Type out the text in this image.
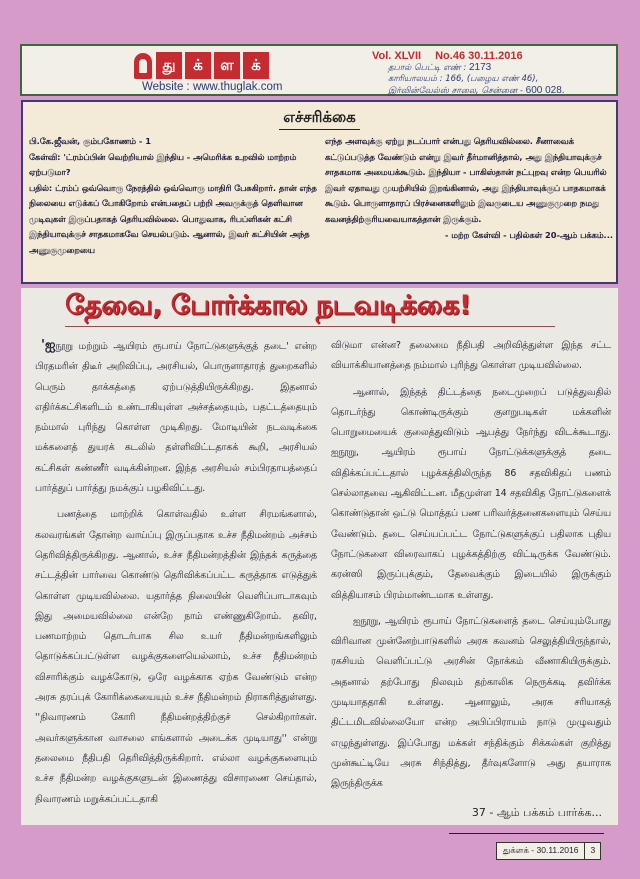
து	க்	ள	க்
Website : www.thuglak.com
Vol. XLVII No.46 30.11.2016
தபால் பெட்டி எண் : 2173
காரியாலயம் : 166, (பழைய எண் 46),
இர்வின்வேல்ஸ் சாலை, சென்னை - 600 028.
எச்சரிக்கை
பி.கே.ஜீவன், கும்பகோணம் - 1
கேள்வி: 'ட்ரம்ப்பின் வெற்றியால் இந்திய - அமெரிக்க உறவில் மாற்றம் ஏற்படுமா?
பதில்: ட்ரம்ப் ஒவ்வொரு நேரத்தில் ஒவ்வொரு மாதிரி பேசுகிறார். தான் எந்த நிலையை எடுக்கப் போகிறோம் என்பதைப் பற்றி அவருக்குத் தெளிவான முடிவுகள் இருப்பதாகத் தெரியவில்லை. பொதுவாக, ரிபப்ளிகன் கட்சி இந்தியாவுக்குச் சாதகமாகவே செயல்படும். ஆனால், இவர் கட்சியின் அந்த அணுகுமுறையை
எந்த அளவுக்கு ஏற்று நடப்பார் என்பது தெரியவில்லை. சீனாவைக் கட்டுப்படுத்த வேண்டும் என்று இவர் தீர்மானித்தால், அது இந்தியாவுக்குச் சாதகமாக அமையக்கூடும். இந்தியா - பாகிஸ்தான் நட்புறவு என்ற பெயரில் இவர் ஏதாவது முயற்சியில் இறங்கினால், அது இந்தியாவுக்குப் பாதகமாகக் கூடும். பொருளாதாரப் பிரச்னைகளிலும் இவருடைய அணுகுமுறை நமது கவனத்திற்குரியவையாகத்தான் இருக்கும்.
- மற்ற கேள்வி - பதில்கள் 20-ஆம் பக்கம்...
தேவை, போர்க்கால நடவடிக்கை!

'ஐநூறு மற்றும் ஆயிரம் ரூபாய் நோட்டுகளுக்குத் தடை' என்ற பிரதமரின் திடீர் அறிவிப்பு, அரசியல், பொருளாதாரத் துறைகளில் பெரும் தாக்கத்தை ஏற்படுத்தியிருக்கிறது. இதனால் எதிர்க்கட்சிகளிடம் உண்டாகியுள்ள அச்சத்தையும், பதட்டத்தையும் நம்மால் புரிந்து கொள்ள முடிகிறது. மோடியின் நடவடிக்கை மக்களைத் துயரக் கடலில் தள்ளிவிட்டதாகக் கூறி, அரசியல் கட்சிகள் கண்ணீர் வடிக்கின்றன. இந்த அரசியல் சம்பிரதாயத்தைப் பார்த்துப் பார்த்து நமக்குப் பழகிவிட்டது.

பணத்தை மாற்றிக் கொள்வதில் உள்ள சிரமங்களால், கலவரங்கள் தோன்ற வாய்ப்பு இருப்பதாக உச்ச நீதிமன்றம் அச்சம் தெரிவித்திருக்கிறது. ஆனால், உச்ச நீதிமன்றத்தின் இந்தக் கருத்தை சட்டத்தின் பார்வை கொண்டு தெரிவிக்கப்பட்ட கருத்தாக எடுத்துக் கொள்ள முடியவில்லை. யதார்த்த நிலையின் வெளிப்பாடாகவும் இது அமையவில்லை என்றே நாம் எண்ணுகிறோம். தவிர, பணமாற்றம் தொடர்பாக சில உயர் நீதிமன்றங்களிலும் தொடுக்கப்பட்டுள்ள வழக்குகளையெல்லாம், உச்ச நீதிமன்றம் விசாரிக்கும் வழக்கோடு, ஒரே வழக்காக ஏற்க வேண்டும் என்ற அரசு தரப்புக் கோரிக்கையையும் உச்ச நீதிமன்றம் நிராகரித்துள்ளது. ''நிவாரணம் கோரி நீதிமன்றத்திற்குச் செல்கிறார்கள். அவர்களுக்கான வாசலை எங்களால் அடைக்க முடியாது'' என்று தலைமை நீதிபதி தெரிவித்திருக்கிறார். எல்லா வழக்குகளையும் உச்ச நீதிமன்ற வழக்குகளுடன் இணைத்து விசாரணை செய்தால், நிவாரணம் மறுக்கப்பட்டதாகி

விடுமா என்ன? தலைமை நீதிபதி அறிவித்துள்ள இந்த சட்ட வியாக்கியானத்தை நம்மால் புரிந்து கொள்ள முடியவில்லை.

ஆனால், இந்தத் திட்டத்தை நடைமுறைப் படுத்துவதில் தொடர்ந்து கொண்டிருக்கும் குளறுபடிகள் மக்களின் பொறுமையைக் குலைத்துவிடும் ஆபத்து நேர்ந்து விடக்கூடாது. ஐநூறு, ஆயிரம் ரூபாய் நோட்டுக்களுக்குத் தடை விதிக்கப்பட்டதால் புழக்கத்திலிருந்த 86 சதவிகிதப் பணம் செல்லாதவை ஆகிவிட்டன. மீதமுள்ள 14 சதவிகித நோட்டுகளைக் கொண்டுதான் ஒட்டு மொத்தப் பண பரிவர்த்தனைகளையும் செய்ய வேண்டும். தடை செய்யப்பட்ட நோட்டுகளுக்குப் பதிலாக புதிய நோட்டுகளை விரைவாகப் புழக்கத்திற்கு விட்டிருக்க வேண்டும். கரன்ஸி இருப்புக்கும், தேவைக்கும் இடையில் இருக்கும் வித்தியாசம் பிரம்மாண்டமாக உள்ளது.

ஐநூறு, ஆயிரம் ரூபாய் நோட்டுகளைத் தடை செய்யும்போது விரிவான முன்னேற்பாடுகளில் அரசு கவனம் செலுத்தியிருந்தால், ரகசியம் வெளிப்பட்டு அரசின் நோக்கம் வீணாகியிருக்கும். அதனால் தற்போது நிலவும் தற்காலிக நெருக்கடி தவிர்க்க முடியாததாகி உள்ளது. ஆனாலும், அரசு சரியாகத் திட்டமிடவில்லையோ என்ற அபிப்பிராயம் நாடு முழுவதும் எழுந்துள்ளது. இப்போது மக்கள் சந்திக்கும் சிக்கல்கள் குறித்து முன்கூட்டியே அரசு சிந்தித்து, தீர்வுகளோடு அது தயாராக இருந்திருக்க

37 - ஆம் பக்கம் பார்க்க...
துக்ளக் - 30.11.2016	3
